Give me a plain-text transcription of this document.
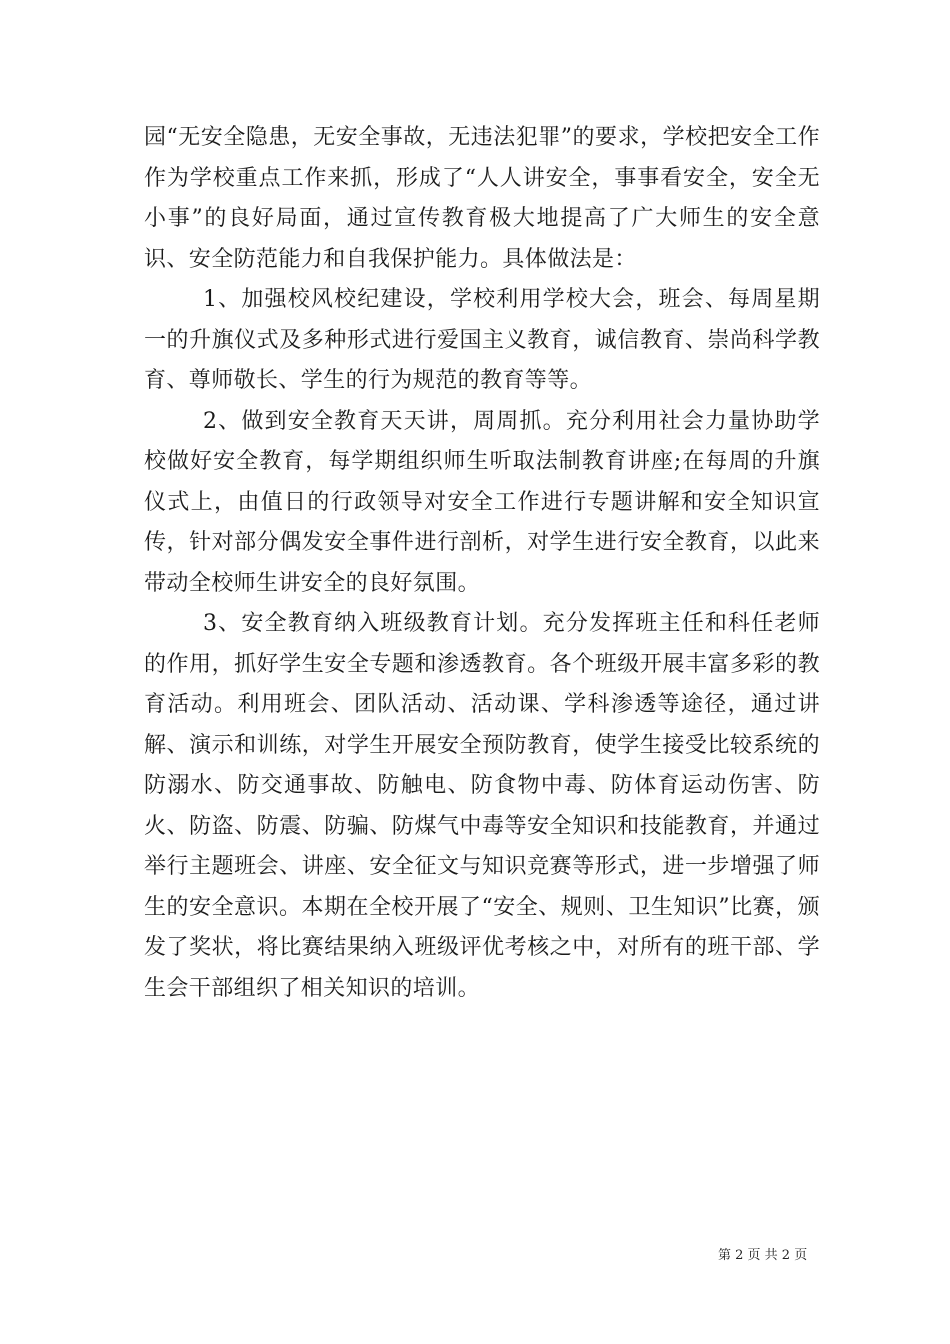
园“无安全隐患，无安全事故，无违法犯罪”的要求，学校把安全工作作为学校重点工作来抓，形成了“人人讲安全，事事看安全，安全无小事”的良好局面，通过宣传教育极大地提高了广大师生的安全意识、安全防范能力和自我保护能力。具体做法是：

1、加强校风校纪建设，学校利用学校大会，班会、每周星期一的升旗仪式及多种形式进行爱国主义教育，诚信教育、崇尚科学教育、尊师敬长、学生的行为规范的教育等等。

2、做到安全教育天天讲，周周抓。充分利用社会力量协助学校做好安全教育，每学期组织师生听取法制教育讲座;在每周的升旗仪式上，由值日的行政领导对安全工作进行专题讲解和安全知识宣传，针对部分偶发安全事件进行剖析，对学生进行安全教育，以此来带动全校师生讲安全的良好氛围。

3、安全教育纳入班级教育计划。充分发挥班主任和科任老师的作用，抓好学生安全专题和渗透教育。各个班级开展丰富多彩的教育活动。利用班会、团队活动、活动课、学科渗透等途径，通过讲解、演示和训练，对学生开展安全预防教育，使学生接受比较系统的防溺水、防交通事故、防触电、防食物中毒、防体育运动伤害、防火、防盗、防震、防骗、防煤气中毒等安全知识和技能教育，并通过举行主题班会、讲座、安全征文与知识竞赛等形式，进一步增强了师生的安全意识。本期在全校开展了“安全、规则、卫生知识”比赛，颁发了奖状，将比赛结果纳入班级评优考核之中，对所有的班干部、学生会干部组织了相关知识的培训。

第 2 页 共 2 页
